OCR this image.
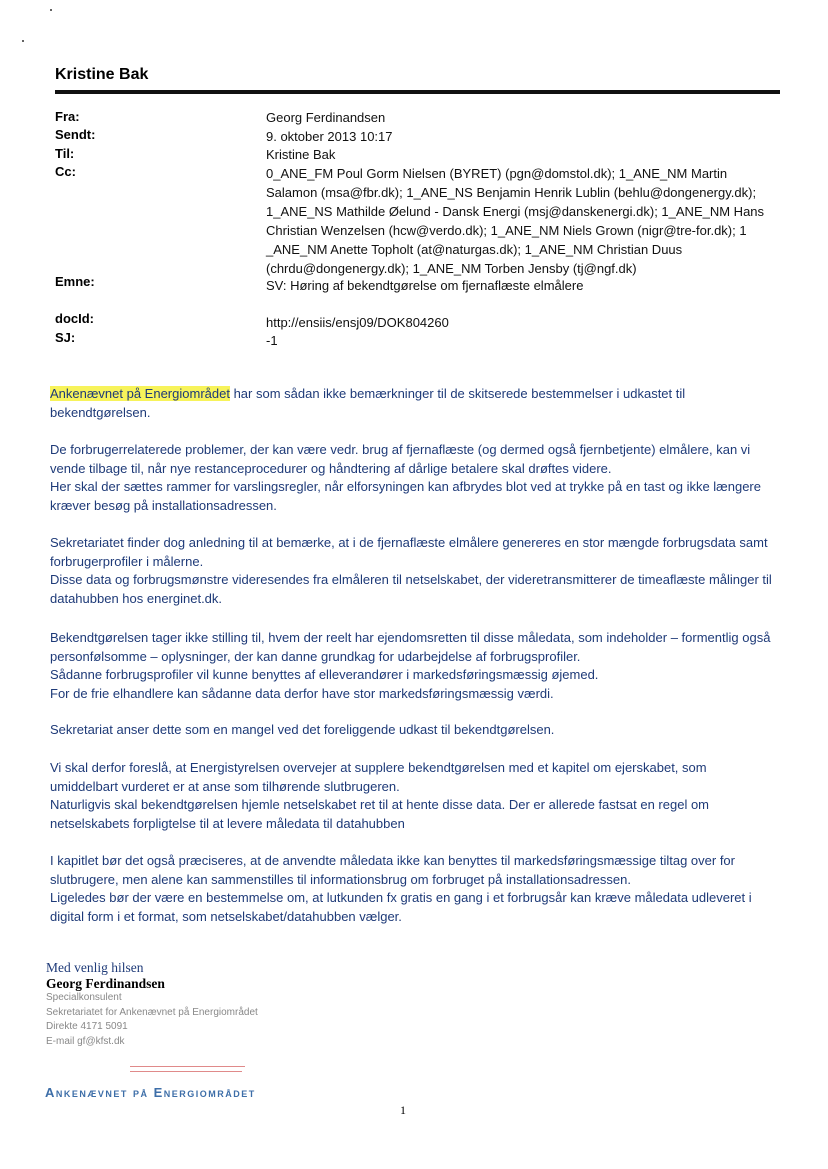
Kristine Bak
Fra:
Sendt:
Til:
Cc:
Emne:
docId:
SJ:
Georg Ferdinandsen
9. oktober 2013 10:17
Kristine Bak
0_ANE_FM Poul Gorm Nielsen (BYRET) (pgn@domstol.dk); 1_ANE_NM Martin Salamon (msa@fbr.dk); 1_ANE_NS Benjamin Henrik Lublin (behlu@dongenergy.dk); 1_ANE_NS Mathilde Øelund - Dansk Energi (msj@danskenergi.dk); 1_ANE_NM Hans Christian Wenzelsen (hcw@verdo.dk); 1_ANE_NM Niels Grown (nigr@tre-for.dk); 1 _ANE_NM Anette Topholt (at@naturgas.dk); 1_ANE_NM Christian Duus (chrdu@dongenergy.dk); 1_ANE_NM Torben Jensby (tj@ngf.dk)
SV: Høring af bekendtgørelse om fjernaflæste elmålere
http://ensiis/ensj09/DOK804260
-1
Ankenævnet på Energiområdet har som sådan ikke bemærkninger til de skitserede bestemmelser i udkastet til bekendtgørelsen.
De forbrugerrelaterede problemer, der kan være vedr. brug af fjernaflæste (og dermed også fjernbetjente) elmålere, kan vi vende tilbage til, når nye restanceprocedurer og håndtering af dårlige betalere skal drøftes videre.
Her skal der sættes rammer for varslingsregler, når elforsyningen kan afbrydes blot ved at trykke på en tast og ikke længere kræver besøg på installationsadressen.
Sekretariatet finder dog anledning til at bemærke, at i de fjernaflæste elmålere genereres en stor mængde forbrugsdata samt forbrugerprofiler i målerne.
Disse data og forbrugsmønstre videresendes fra elmåleren til netselskabet, der videretransmitterer de timeaflæste målinger til datahubben hos energinet.dk.
Bekendtgørelsen tager ikke stilling til, hvem der reelt har ejendomsretten til disse måledata, som indeholder – formentlig også personfølsomme – oplysninger, der kan danne grundkag for udarbejdelse af forbrugsprofiler.
Sådanne forbrugsprofiler vil kunne benyttes af elleverandører i markedsføringsmæssig øjemed.
For de frie elhandlere kan sådanne data derfor have stor markedsføringsmæssig værdi.
Sekretariat anser dette som en mangel ved det foreliggende udkast til bekendtgørelsen.
Vi skal derfor foreslå, at Energistyrelsen overvejer at supplere bekendtgørelsen med et kapitel om ejerskabet, som umiddelbart vurderet er at anse som tilhørende slutbrugeren.
Naturligvis skal bekendtgørelsen hjemle netselskabet ret til at hente disse data. Der er allerede fastsat en regel om netselskabets forpligtelse til at levere måledata til datahubben
I kapitlet bør det også præciseres, at de anvendte måledata ikke kan benyttes til markedsføringsmæssige tiltag over for slutbrugere, men alene kan sammenstilles til informationsbrug om forbruget på installationsadressen.
Ligeledes bør der være en bestemmelse om, at lutkunden fx gratis en gang i et forbrugsår kan kræve måledata udleveret i digital form i et format, som netselskabet/datahubben vælger.
Med venlig hilsen
Georg Ferdinandsen
Specialkonsulent
Sekretariatet for Ankenævnet på Energiområdet
Direkte 4171 5091
E-mail gf@kfst.dk
Ankenævnet på Energiområdet
1
